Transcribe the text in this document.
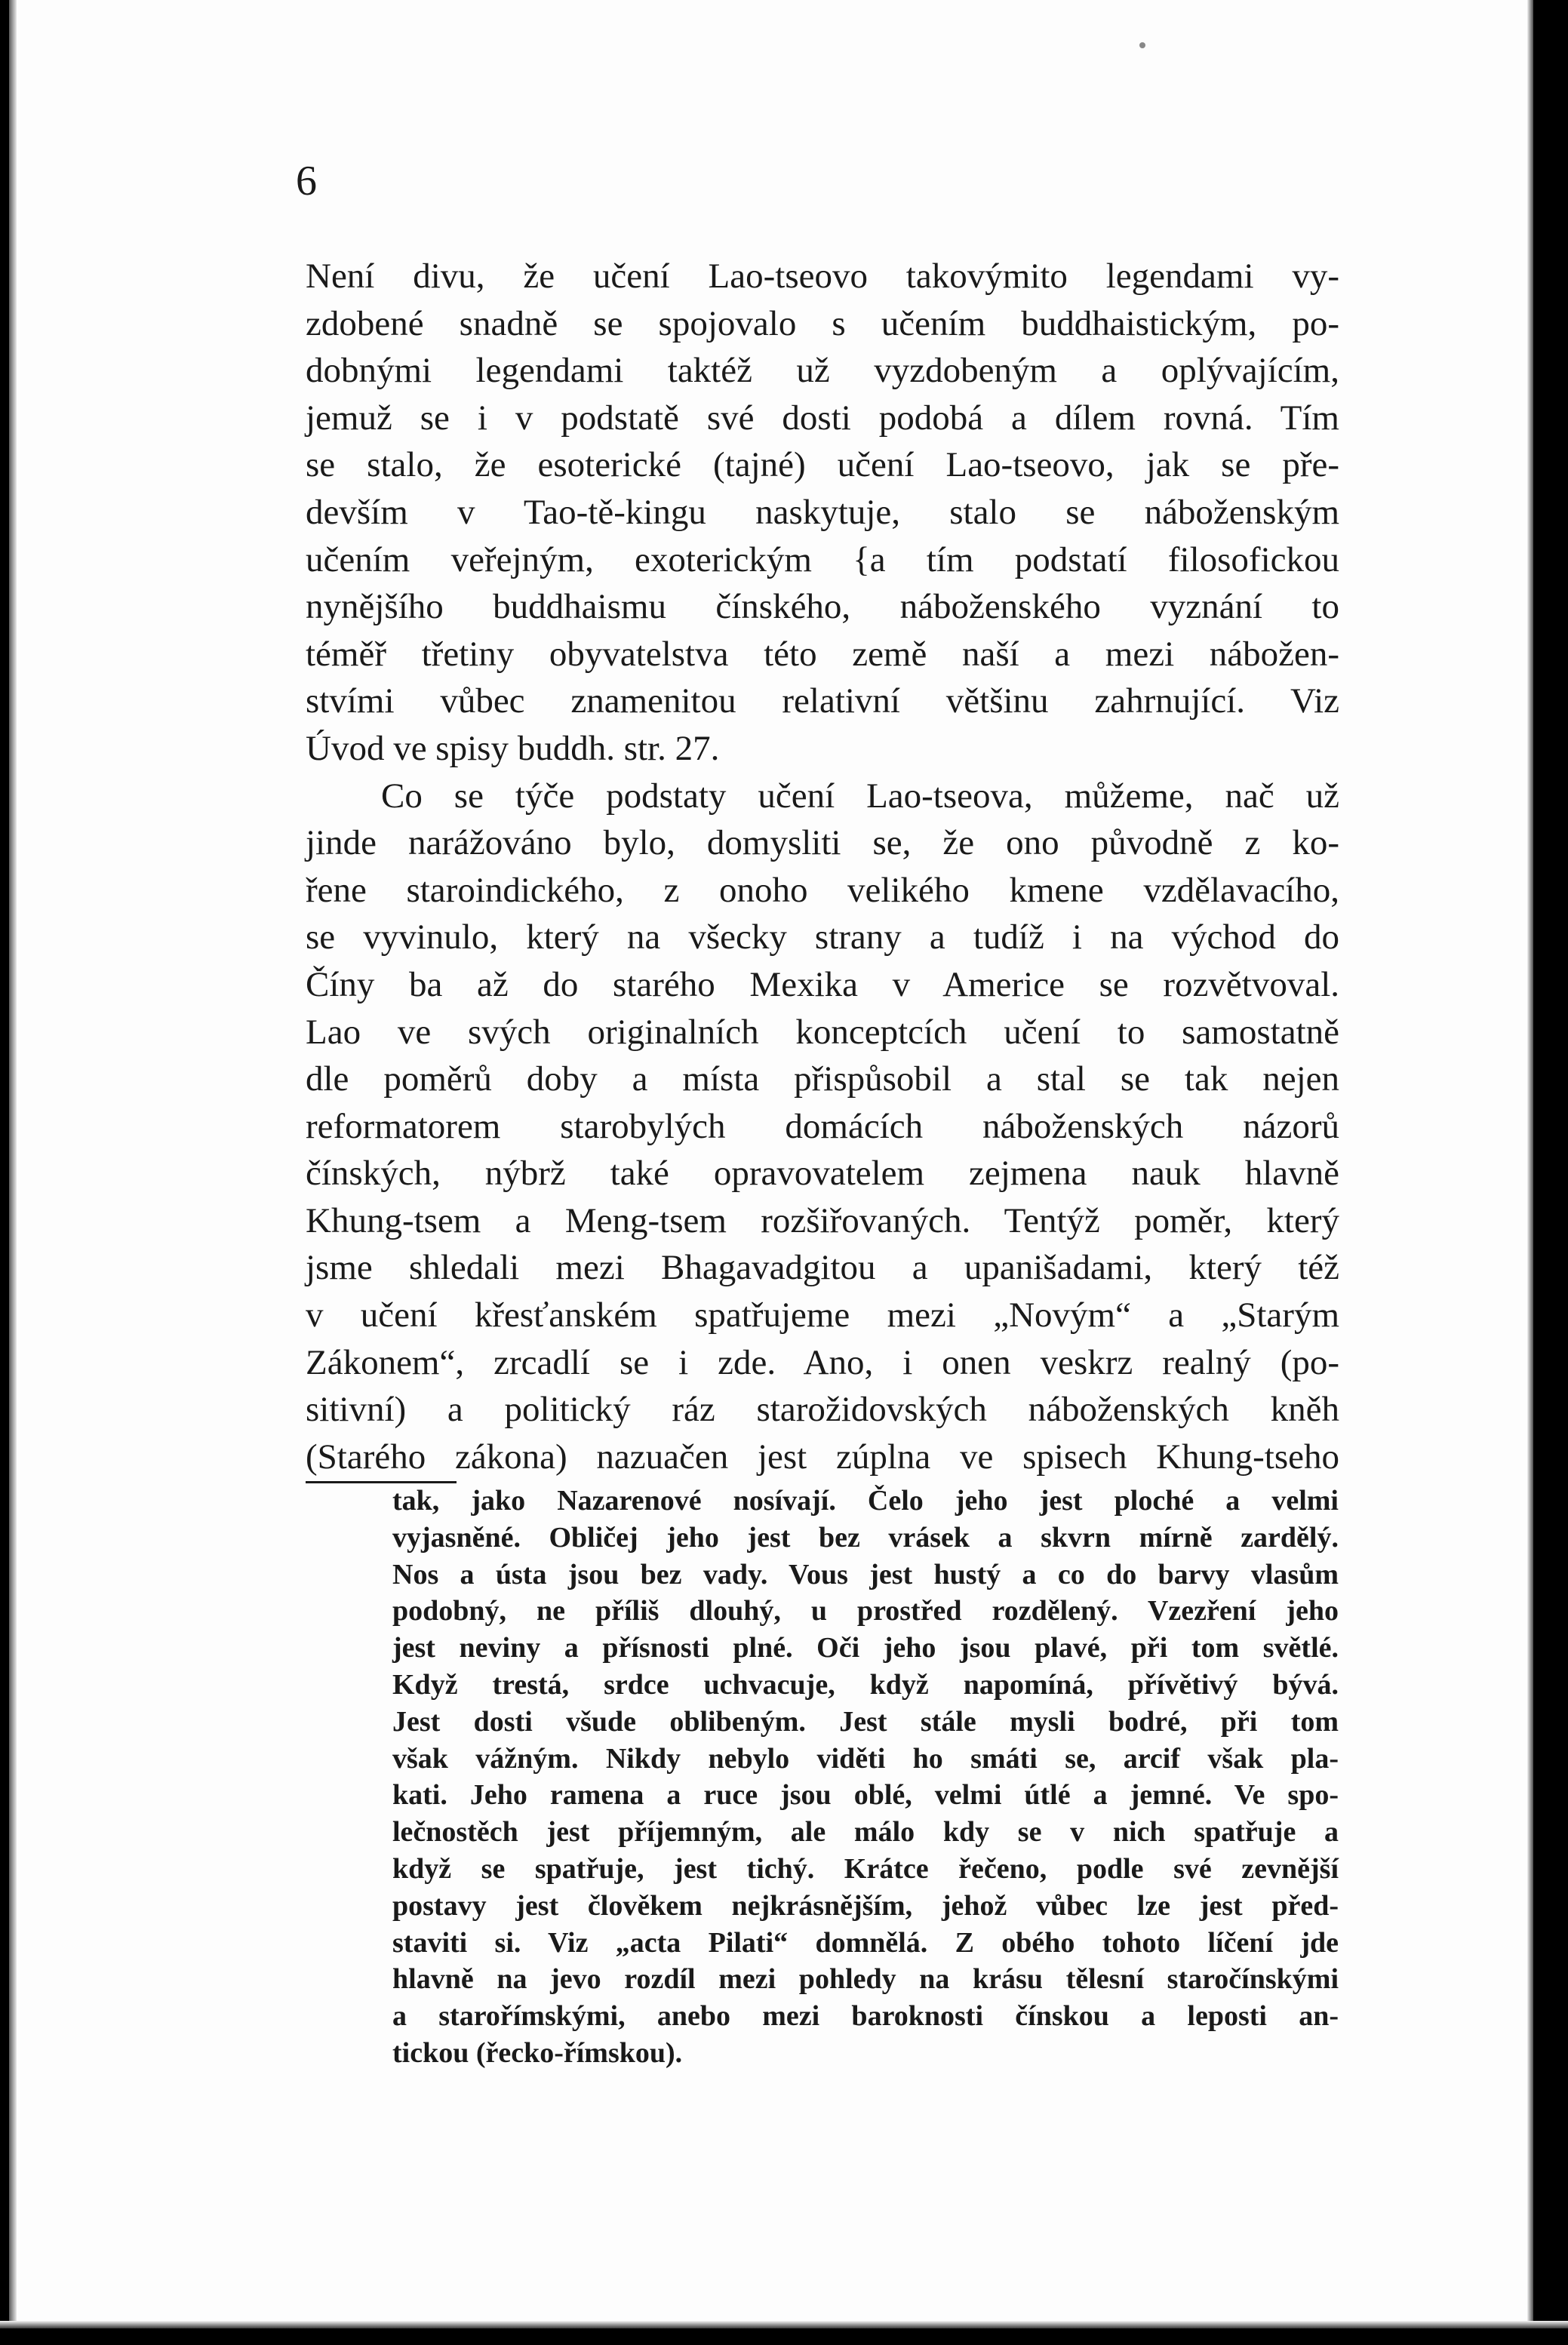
6
Není divu, že učení Lao-tseovo takovýmito legendami vy-
zdobené snadně se spojovalo s učením buddhaistickým, po-
dobnými legendami taktéž už vyzdobeným a oplývajícím,
jemuž se i v podstatě své dosti podobá a dílem rovná. Tím
se stalo, že esoterické (tajné) učení Lao-tseovo, jak se pře-
devším v Tao-tě-kingu naskytuje, stalo se náboženským
učením veřejným, exoterickým {a tím podstatí filosofickou
nynějšího buddhaismu čínského, náboženského vyznání to
téměř třetiny obyvatelstva této země naší a mezi nábožen-
stvími vůbec znamenitou relativní většinu zahrnující. Viz
Úvod ve spisy buddh. str. 27.
Co se týče podstaty učení Lao-tseova, můžeme, nač už
jinde narážováno bylo, domysliti se, že ono původně z ko-
řene staroindického, z onoho velikého kmene vzdělavacího,
se vyvinulo, který na všecky strany a tudíž i na východ do
Číny ba až do starého Mexika v Americe se rozvětvoval.
Lao ve svých originalních konceptcích učení to samostatně
dle poměrů doby a místa přispůsobil a stal se tak nejen
reformatorem starobylých domácích náboženských názorů
čínských, nýbrž také opravovatelem zejmena nauk hlavně
Khung-tsem a Meng-tsem rozšiřovaných. Tentýž poměr, který
jsme shledali mezi Bhagavadgitou a upanišadami, který též
v učení křesťanském spatřujeme mezi „Novým“ a „Starým
Zákonem“, zrcadlí se i zde. Ano, i onen veskrz realný (po-
sitivní) a politický ráz starožidovských náboženských kněh
(Starého zákona) nazuačen jest zúplna ve spisech Khung-tseho
tak, jako Nazarenové nosívají. Čelo jeho jest ploché a velmi
vyjasněné. Obličej jeho jest bez vrásek a skvrn mírně zardělý.
Nos a ústa jsou bez vady. Vous jest hustý a co do barvy vlasům
podobný, ne příliš dlouhý, u prostřed rozdělený. Vzezření jeho
jest neviny a přísnosti plné. Oči jeho jsou plavé, při tom světlé.
Když trestá, srdce uchvacuje, když napomíná, přívětivý bývá.
Jest dosti všude oblibeným. Jest stále mysli bodré, při tom
však vážným. Nikdy nebylo viděti ho smáti se, arcif však pla-
kati. Jeho ramena a ruce jsou oblé, velmi útlé a jemné. Ve spo-
lečnostěch jest příjemným, ale málo kdy se v nich spatřuje a
když se spatřuje, jest tichý. Krátce řečeno, podle své zevnější
postavy jest člověkem nejkrásnějším, jehož vůbec lze jest před-
staviti si. Viz „acta Pilati“ domnělá. Z obého tohoto líčení jde
hlavně na jevo rozdíl mezi pohledy na krásu tělesní staročínskými
a starořímskými, anebo mezi baroknosti čínskou a leposti an-
tickou (řecko-římskou).
